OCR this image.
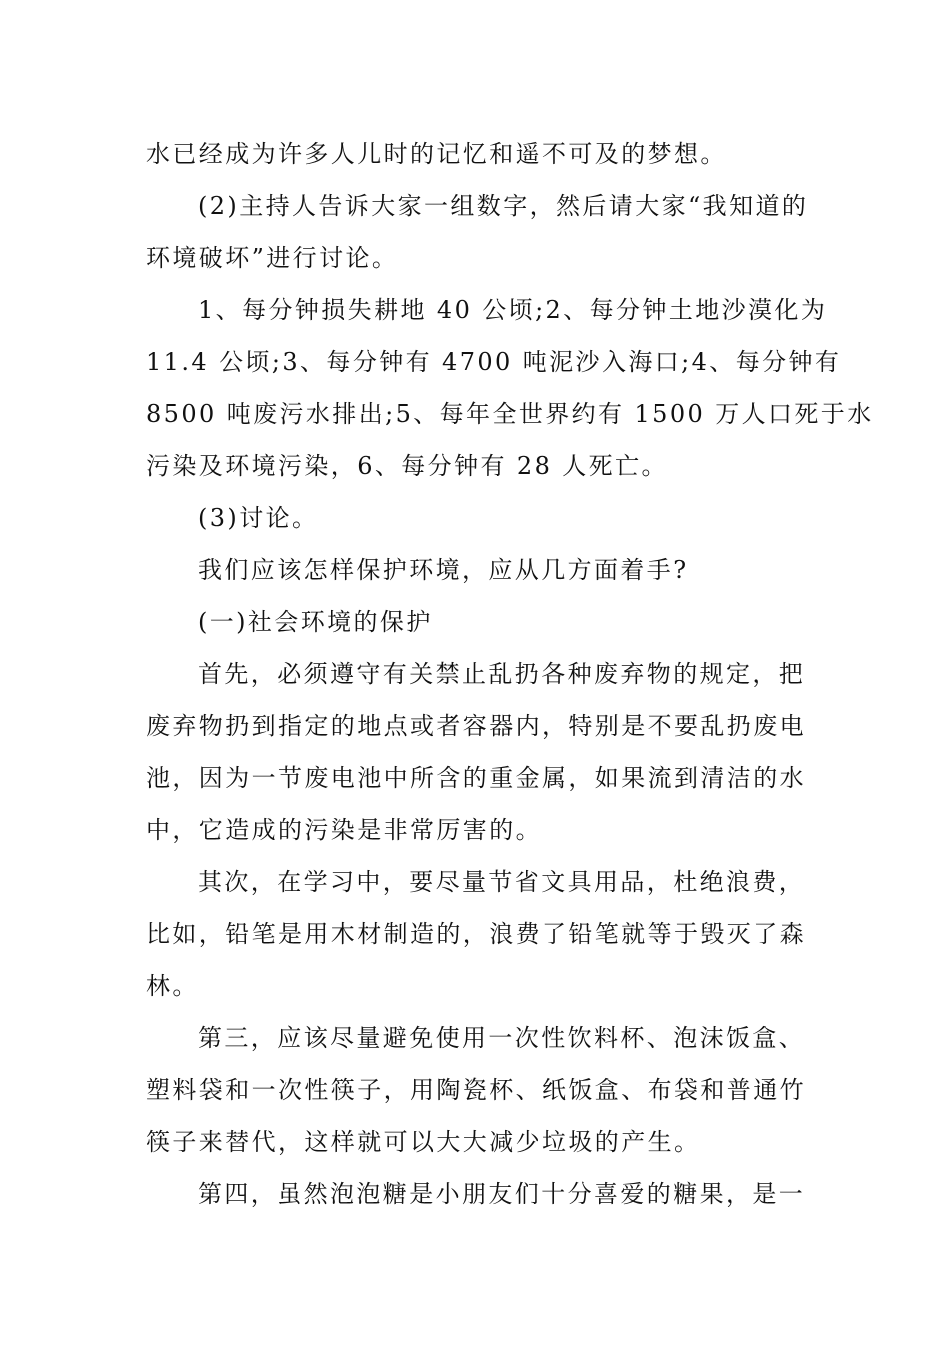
水已经成为许多人儿时的记忆和遥不可及的梦想。
(2)主持人告诉大家一组数字，然后请大家“我知道的
环境破坏”进行讨论。
1、每分钟损失耕地 40 公顷;2、每分钟土地沙漠化为
11.4 公顷;3、每分钟有 4700 吨泥沙入海口;4、每分钟有
8500 吨废污水排出;5、每年全世界约有 1500 万人口死于水
污染及环境污染，6、每分钟有 28 人死亡。
(3)讨论。
我们应该怎样保护环境，应从几方面着手?
(一)社会环境的保护
首先，必须遵守有关禁止乱扔各种废弃物的规定，把
废弃物扔到指定的地点或者容器内，特别是不要乱扔废电
池，因为一节废电池中所含的重金属，如果流到清洁的水
中，它造成的污染是非常厉害的。
其次，在学习中，要尽量节省文具用品，杜绝浪费，
比如，铅笔是用木材制造的，浪费了铅笔就等于毁灭了森
林。
第三，应该尽量避免使用一次性饮料杯、泡沫饭盒、
塑料袋和一次性筷子，用陶瓷杯、纸饭盒、布袋和普通竹
筷子来替代，这样就可以大大减少垃圾的产生。
第四，虽然泡泡糖是小朋友们十分喜爱的糖果，是一
